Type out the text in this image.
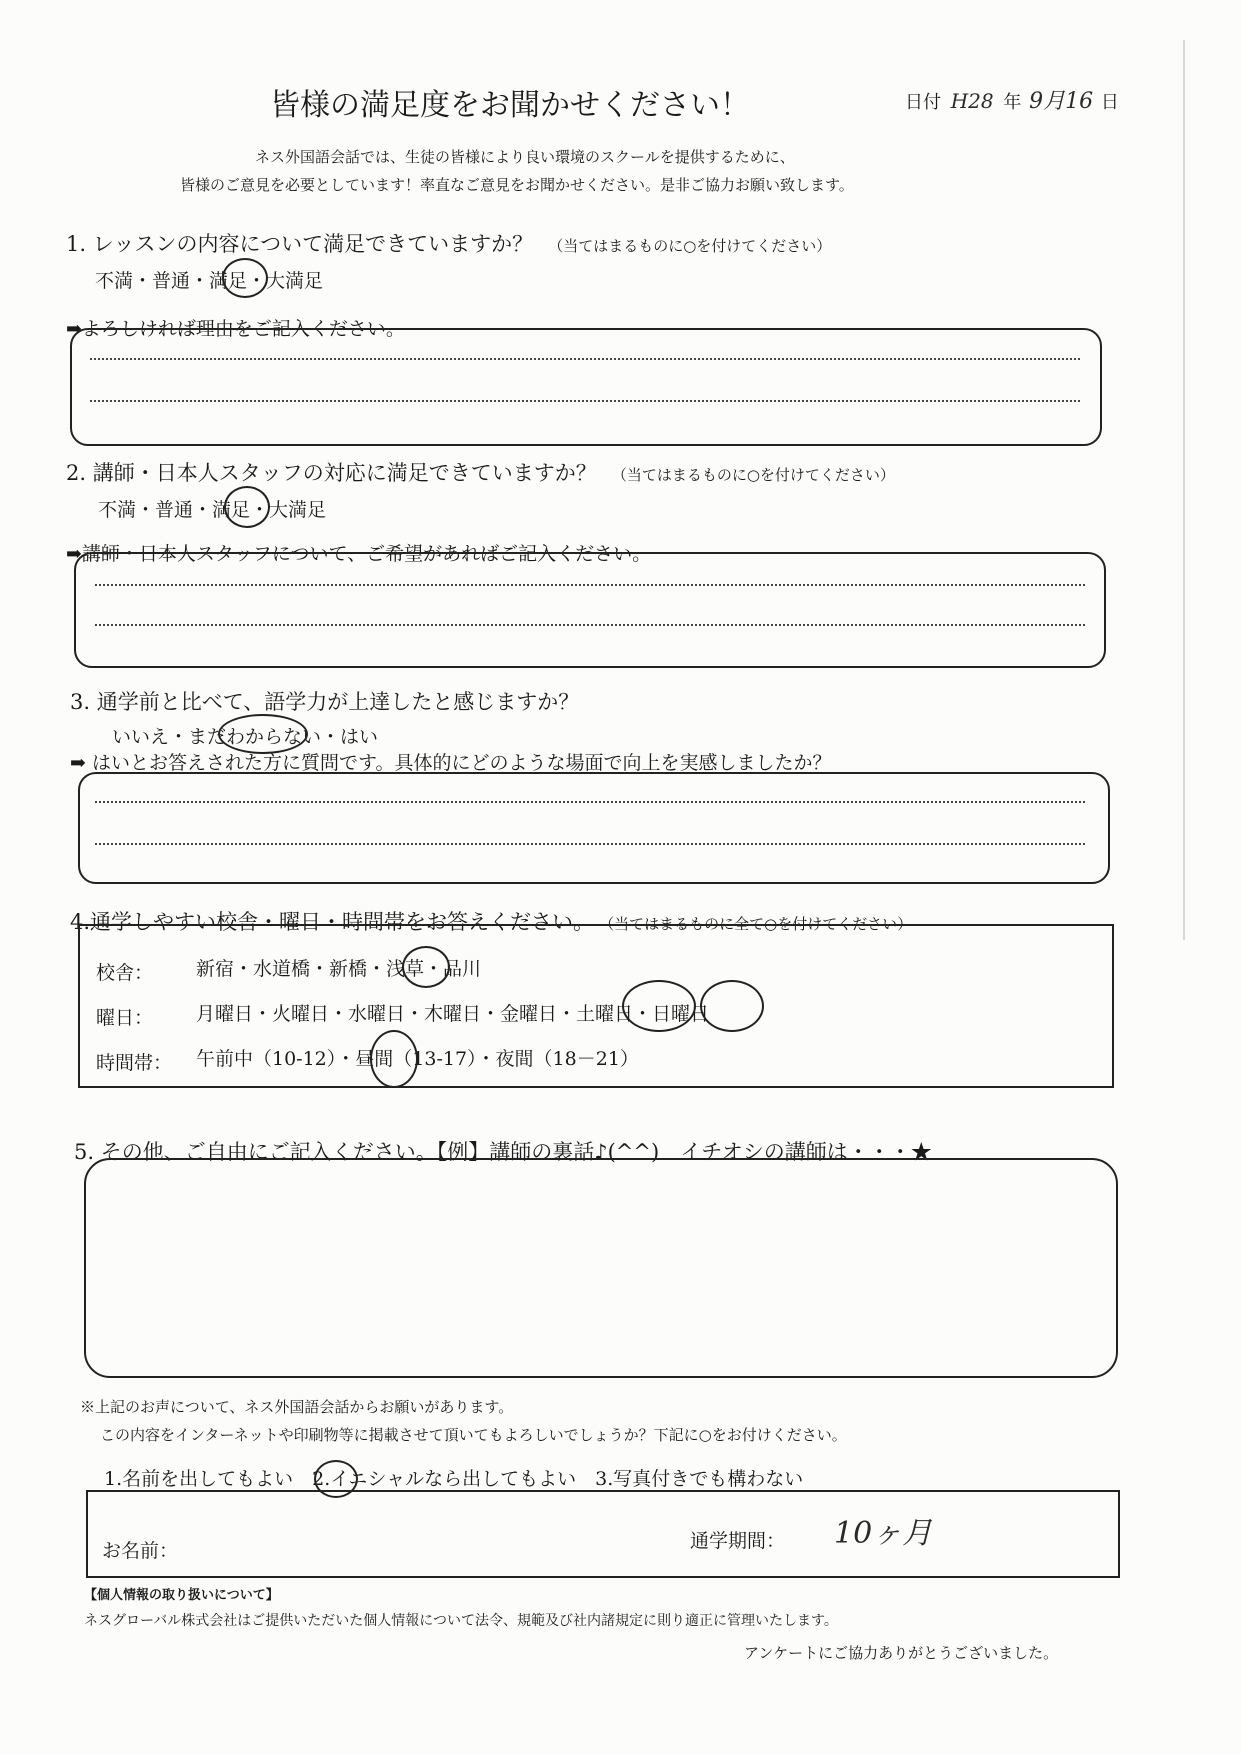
皆様の満足度をお聞かせください！	日付 H28 年 9月16 日
ネス外国語会話では、生徒の皆様により良い環境のスクールを提供するために、
皆様のご意見を必要としています！率直なご意見をお聞かせください。是非ご協力お願い致します。
1. レッスンの内容について満足できていますか？ （当てはまるものに○を付けてください）
不満・普通・満足・大満足
➡よろしければ理由をご記入ください。
2. 講師・日本人スタッフの対応に満足できていますか？ （当てはまるものに○を付けてください）
不満・普通・満足・大満足
➡講師・日本人スタッフについて、ご希望があればご記入ください。
3. 通学前と比べて、語学力が上達したと感じますか？
いいえ・まだわからない・はい
➡ はいとお答えされた方に質問です。具体的にどのような場面で向上を実感しましたか？
4.通学しやすい校舎・曜日・時間帯をお答えください。 （当てはまるものに全て○を付けてください）
校舎： 新宿・水道橋・新橋・浅草・品川
曜日： 月曜日・火曜日・水曜日・木曜日・金曜日・土曜日・日曜日
時間帯： 午前中（10-12）・昼間（13-17）・夜間（18－21）
5. その他、ご自由にご記入ください。【例】講師の裏話♪(^^)　イチオシの講師は・・・★
※上記のお声について、ネス外国語会話からお願いがあります。
この内容をインターネットや印刷物等に掲載させて頂いてもよろしいでしょうか？下記に○をお付けください。
1.名前を出してもよい　2.イニシャルなら出してもよい　3.写真付きでも構わない
お名前：	通学期間： 10ヶ月
【個人情報の取り扱いについて】
ネスグローバル株式会社はご提供いただいた個人情報について法令、規範及び社内諸規定に則り適正に管理いたします。
アンケートにご協力ありがとうございました。
